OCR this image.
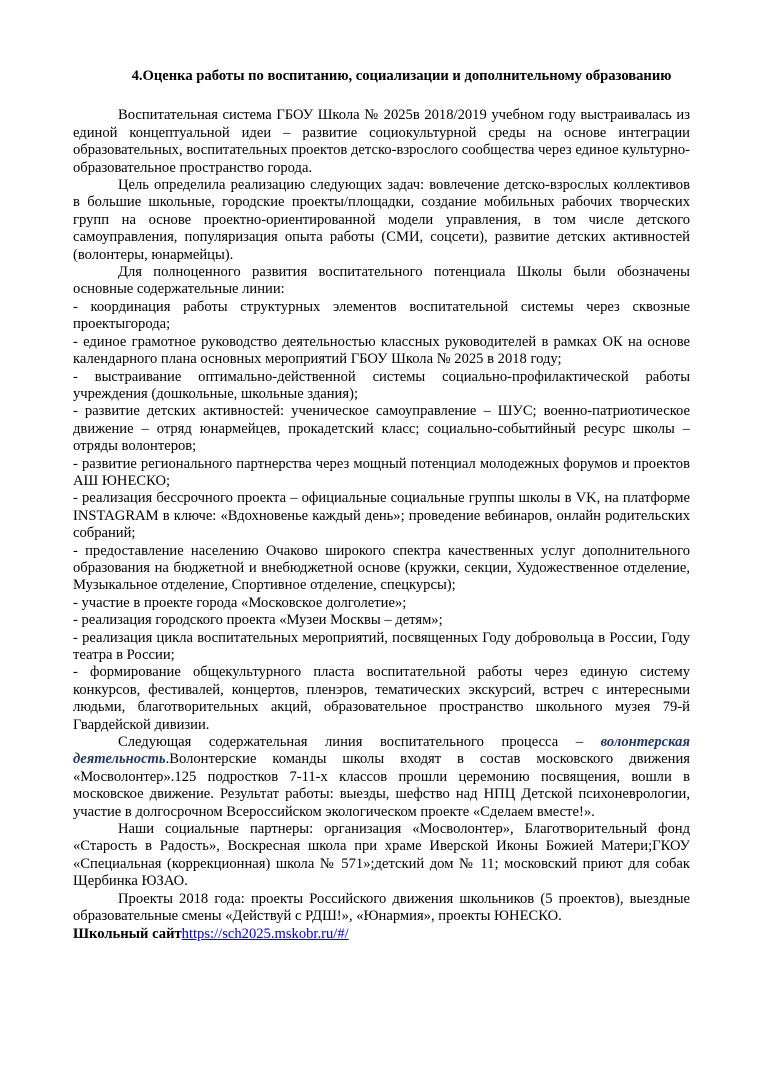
4.Оценка работы по воспитанию, социализации и дополнительному образованию

Воспитательная система ГБОУ Школа № 2025в 2018/2019 учебном году выстраивалась из единой концептуальной идеи – развитие социокультурной среды на основе интеграции образовательных, воспитательных проектов детско-взрослого сообщества через единое культурно-образовательное пространство города.

Цель определила реализацию следующих задач: вовлечение детско-взрослых коллективов в большие школьные, городские проекты/площадки, создание мобильных рабочих творческих групп на основе проектно-ориентированной модели управления, в том числе детского самоуправления, популяризация опыта работы (СМИ, соцсети), развитие детских активностей (волонтеры, юнармейцы).

Для полноценного развития воспитательного потенциала Школы были обозначены основные содержательные линии:

- координация работы структурных элементов воспитательной системы через сквозные проектыгорода;

- единое грамотное руководство деятельностью классных руководителей в рамках ОК на основе календарного плана основных мероприятий ГБОУ Школа № 2025 в 2018 году;

- выстраивание оптимально-действенной системы социально-профилактической работы учреждения (дошкольные, школьные здания);

- развитие детских активностей: ученическое самоуправление – ШУС; военно-патриотическое движение – отряд юнармейцев, прокадетский класс; социально-событийный ресурс школы – отряды волонтеров;

- развитие регионального партнерства через мощный потенциал молодежных форумов и проектов АШ ЮНЕСКО;

- реализация бессрочного проекта – официальные социальные группы школы в VK, на платформе INSTAGRAM в ключе: «Вдохновенье каждый день»; проведение вебинаров, онлайн родительских собраний;

- предоставление населению Очаково широкого спектра качественных услуг дополнительного образования на бюджетной и внебюджетной основе (кружки, секции, Художественное отделение, Музыкальное отделение, Спортивное отделение, спецкурсы);

- участие в проекте города «Московское долголетие»;

- реализация городского проекта «Музеи Москвы – детям»;

- реализация цикла воспитательных мероприятий, посвященных Году добровольца в России, Году театра в России;

- формирование общекультурного пласта воспитательной работы через единую систему конкурсов, фестивалей, концертов, пленэров, тематических экскурсий, встреч с интересными людьми, благотворительных акций, образовательное пространство школьного музея 79-й Гвардейской дивизии.

Следующая содержательная линия воспитательного процесса – волонтерская деятельность.Волонтерские команды школы входят в состав московского движения «Мосволонтер».125 подростков 7-11-х классов прошли церемонию посвящения, вошли в московское движение. Результат работы: выезды, шефство над НПЦ Детской психоневрологии, участие в долгосрочном Всероссийском экологическом проекте «Сделаем вместе!».

Наши социальные партнеры: организация «Мосволонтер», Благотворительный фонд «Старость в Радость», Воскресная школа при храме Иверской Иконы Божией Матери;ГКОУ «Специальная (коррекционная) школа № 571»;детский дом № 11; московский приют для собак Щербинка ЮЗАО.

Проекты 2018 года: проекты Российского движения школьников (5 проектов), выездные образовательные смены «Действуй с РДШ!», «Юнармия», проекты ЮНЕСКО.

Школьный сайтhttps://sch2025.mskobr.ru/#/
